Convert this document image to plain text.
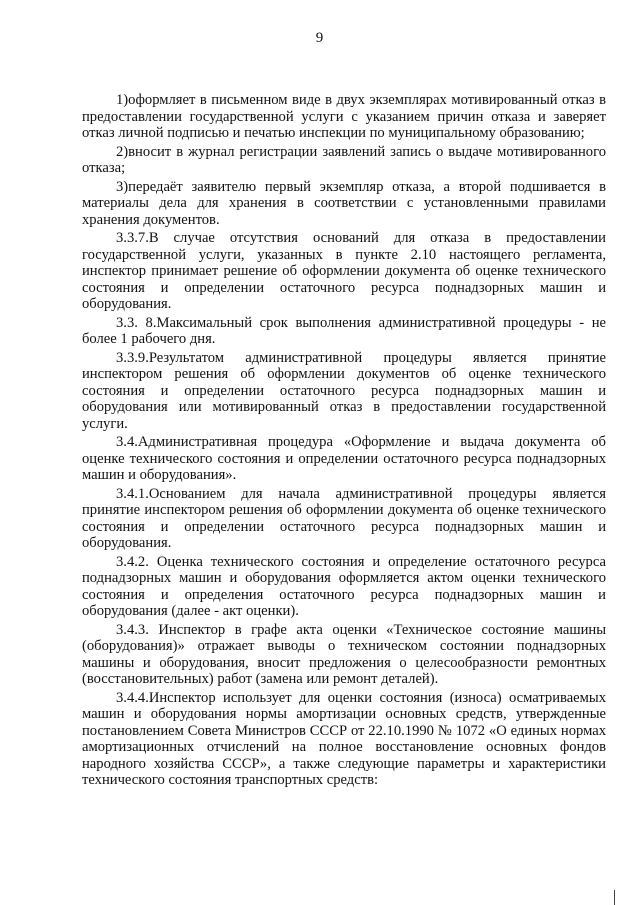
9

1)оформляет в письменном виде в двух экземплярах мотивированный отказ в предоставлении государственной услуги с указанием причин отказа и заверяет отказ личной подписью и печатью инспекции по муниципальному образованию;

2)вносит в журнал регистрации заявлений запись о выдаче мотивированного отказа;

3)передаёт заявителю первый экземпляр отказа, а второй подшивается в материалы дела для хранения в соответствии с установленными правилами хранения документов.

3.3.7.В случае отсутствия оснований для отказа в предоставлении государственной услуги, указанных в пункте 2.10 настоящего регламента, инспектор принимает решение об оформлении документа об оценке технического состояния и определении остаточного ресурса поднадзорных машин и оборудования.

3.3. 8.Максимальный срок выполнения административной процедуры - не более 1 рабочего дня.

3.3.9.Результатом административной процедуры является принятие инспектором решения об оформлении документов об оценке технического состояния и определении остаточного ресурса поднадзорных машин и оборудования или мотивированный отказ в предоставлении государственной услуги.

3.4.Административная процедура «Оформление и выдача документа об оценке технического состояния и определении остаточного ресурса поднадзорных машин и оборудования».

3.4.1.Основанием для начала административной процедуры является принятие инспектором решения об оформлении документа об оценке технического состояния и определении остаточного ресурса поднадзорных машин и оборудования.

3.4.2. Оценка технического состояния и определение остаточного ресурса поднадзорных машин и оборудования оформляется актом оценки технического состояния и определения остаточного ресурса поднадзорных машин и оборудования (далее - акт оценки).

3.4.3. Инспектор в графе акта оценки «Техническое состояние машины (оборудования)» отражает выводы о техническом состоянии поднадзорных машины и оборудования, вносит предложения о целесообразности ремонтных (восстановительных) работ (замена или ремонт деталей).

3.4.4.Инспектор использует для оценки состояния (износа) осматриваемых машин и оборудования нормы амортизации основных средств, утвержденные постановлением Совета Министров СССР от 22.10.1990 № 1072 «О единых нормах амортизационных отчислений на полное восстановление основных фондов народного хозяйства СССР», а также следующие параметры и характеристики технического состояния транспортных средств:
